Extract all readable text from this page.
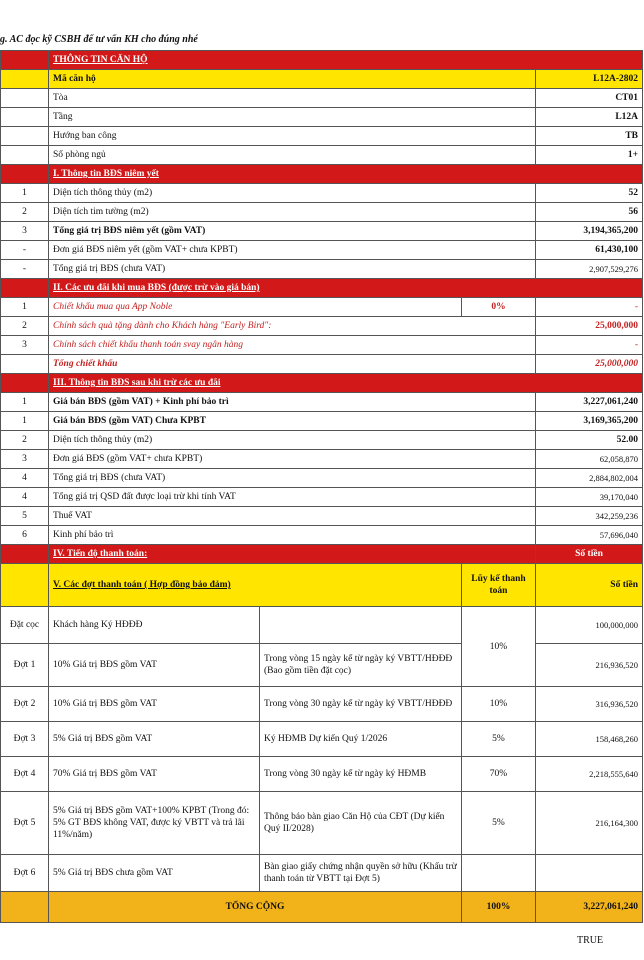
g. AC đọc kỹ CSBH để tư vấn KH cho đúng nhé
	THÔNG TIN CĂN HỘ			
	Mã căn hộ			L12A-2802
	Tòa			CT01
	Tầng			L12A
	Hướng ban công			TB
	Số phòng ngủ			1+
	I. Thông tin BĐS niêm yết			
1	Diện tích thông thủy (m2)			52
2	Diện tích tim tường (m2)			56
3	Tổng giá trị BĐS niêm yết (gồm VAT)			3,194,365,200
-	Đơn giá BĐS niêm yết (gồm VAT+ chưa KPBT)			61,430,100
-	Tổng giá trị BĐS (chưa VAT)			2,907,529,276
	II. Các ưu đãi khi mua BĐS (được trừ vào giá bán)			
1	Chiết khấu mua qua App Noble		0%	-
2	Chính sách quà tặng dành cho Khách hàng "Early Bird":			25,000,000
3	Chính sách chiết khấu thanh toán svay ngân hàng			-
	Tổng chiết khấu			25,000,000
	III. Thông tin BĐS sau khi trừ các ưu đãi			
1	Giá bán BĐS (gồm VAT) + Kinh phí bảo trì			3,227,061,240
1	Giá bán BĐS (gồm VAT) Chưa KPBT			3,169,365,200
2	Diện tích thông thủy (m2)			52.00
3	Đơn giá BĐS (gồm VAT+ chưa KPBT)			62,058,870
4	Tổng giá trị BĐS (chưa VAT)			2,884,802,004
4	Tổng giá trị QSD đất được loại trừ khi tính VAT			39,170,040
5	Thuế VAT			342,259,236
6	Kinh phí bảo trì			57,696,040
	IV. Tiến độ thanh toán:			Số tiền
	V. Các đợt thanh toán ( Hợp đồng bảo đảm)		Lũy kế thanh toán	Số tiền
Đặt cọc	Khách hàng Ký HĐĐĐ		10%	100,000,000
Đợt 1	10% Giá trị BĐS gồm VAT	Trong vòng 15 ngày kể từ ngày ký VBTT/HĐĐĐ (Bao gồm tiền đặt cọc)		216,936,520
Đợt 2	10% Giá trị BĐS gồm VAT	Trong vòng 30 ngày kể từ ngày ký VBTT/HĐĐĐ	10%	316,936,520
Đợt 3	5% Giá trị BĐS gồm VAT	Ký HĐMB Dự kiến Quý 1/2026	5%	158,468,260
Đợt 4	70% Giá trị BĐS gồm VAT	Trong vòng 30 ngày kể từ ngày ký HĐMB	70%	2,218,555,640
Đợt 5	5% Giá trị BĐS gồm VAT+100% KPBT (Trong đó: 5% GT BĐS không VAT, được ký VBTT và trả lãi 11%/năm)	Thông báo bàn giao Căn Hộ của CĐT (Dự kiến Quý II/2028)	5%	216,164,300
Đợt 6	5% Giá trị BĐS chưa gồm VAT	Bàn giao giấy chứng nhận quyền sở hữu (Khấu trừ thanh toán từ VBTT tại Đợt 5)		
	TỔNG CỘNG		100%	3,227,061,240
TRUE
